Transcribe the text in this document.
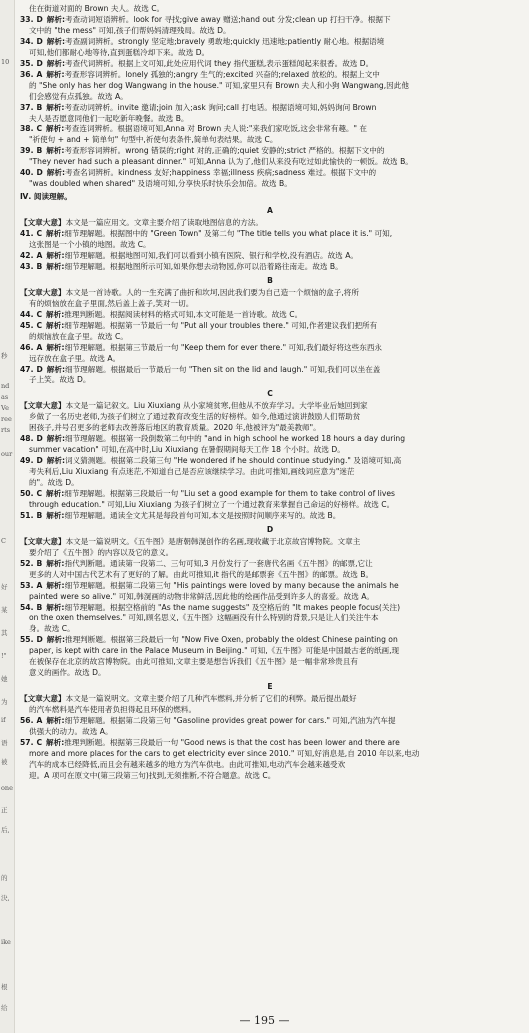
10
秒
nd
as
Ve
ree
rts
our
C
好
某
其
!"
她
为
if
语
被
one
正
后,
的
決,
ike
根
给
住在街道对面的 Brown 夫人。故选 C。
33. D 解析:考查动词短语辨析。look for 寻找;give away 赠送;hand out 分发;clean up 打扫干净。根据下
文中的 "the mess" 可知,孩子们帮妈妈清理残局。故选 D。
34. D 解析:考查副词辨析。strongly 坚定地;bravely 勇敢地;quickly 迅速地;patiently 耐心地。根据语境
可知,他们都耐心地等待,直到蛋糕冷却下来。故选 D。
35. D 解析:考查代词辨析。根据上文可知,此处应用代词 they 指代蛋糕,表示蛋糕闻起来很香。故选 D。
36. A 解析:考查形容词辨析。lonely 孤独的;angry 生气的;excited 兴奋的;relaxed 放松的。根据上文中
的 "She only has her dog Wangwang in the house." 可知,家里只有 Brown 夫人和小狗 Wangwang,因此他
们会感觉有点孤独。故选 A。
37. B 解析:考查动词辨析。invite 邀请;join 加入;ask 询问;call 打电话。根据语境可知,妈妈询问 Brown
夫人是否愿意同他们一起吃新年晚餐。故选 B。
38. C 解析:考查连词辨析。根据语境可知,Anna 对 Brown 夫人说:"来我们家吃饭,这会非常有趣。" 在
"祈使句 + and + 简单句" 句型中,祈使句表条件,简单句表结果。故选 C。
39. B 解析:考查形容词辨析。wrong 错误的;right 对的,正确的;quiet 安静的;strict 严格的。根据下文中的
"They never had such a pleasant dinner." 可知,Anna 认为了,他们从来没有吃过如此愉快的一顿饭。故选 B。
40. D 解析:考查名词辨析。kindness 友好;happiness 幸福;illness 疾病;sadness 难过。根据下文中的
"was doubled when shared" 及语境可知,分享快乐时快乐会加倍。故选 B。
Ⅳ. 阅读理解。
A
【文章大意】本文是一篇应用文。文章主要介绍了读取地图信息的方法。
41. C 解析:细节理解题。根据图中的 "Green Town" 及第二句 "The title tells you what place it is." 可知,
这张图是一个小镇的地图。故选 C。
42. A 解析:细节理解题。根据地图可知,我们可以看到小镇有医院、银行和学校,没有酒店。故选 A。
43. B 解析:细节理解题。根据地图所示可知,如果你想去动物园,你可以沿着路往南走。故选 B。
B
【文章大意】本文是一首诗歌。人的一生充满了曲折和坎坷,因此我们要为自己造一个烦恼的盒子,将所
有的烦恼放在盒子里面,然后盖上盖子,笑对一切。
44. C 解析:推理判断题。根据阅读材料的格式可知,本文可能是一首诗歌。故选 C。
45. C 解析:细节理解题。根据第一节最后一句 "Put all your troubles there." 可知,作者建议我们把所有
的烦恼放在盒子里。故选 C。
46. A 解析:细节理解题。根据第三节最后一句 "Keep them for ever there." 可知,我们最好将这些东西永
远存放在盒子里。故选 A。
47. D 解析:细节理解题。根据最后一节最后一句 "Then sit on the lid and laugh." 可知,我们可以坐在盖
子上笑。故选 D。
C
【文章大意】本文是一篇记叙文。Liu Xiuxiang 从小家境贫寒,但他从不放弃学习。大学毕业后她回到家
乡做了一名历史老师,为孩子们树立了通过教育改变生活的好榜样。如今,他通过演讲鼓励人们帮助贫
困孩子,并号召更多的老师去改善落后地区的教育质量。2020 年,他被评为"最美教师"。
48. D 解析:细节理解题。根据第一段倒数第二句中的 "and in high school he worked 18 hours a day during
summer vacation" 可知,在高中时,Liu Xiuxiang 在暑假期间每天工作 18 个小时。故选 D。
49. D 解析:词义猜测题。根据第二段第三句 "He wondered if he should continue studying." 及语境可知,高
考失利后,Liu Xiuxiang 有点迷茫,不知道自己是否应该继续学习。由此可推知,画线词应意为"迷茫
的"。故选 D。
50. C 解析:细节理解题。根据第三段最后一句 "Liu set a good example for them to take control of lives
through education." 可知,Liu Xiuxiang 为孩子们树立了一个通过教育来掌握自己命运的好榜样。故选 C。
51. B 解析:细节理解题。通读全文尤其是每段首句可知,本文是按照时间顺序来写的。故选 B。
D
【文章大意】本文是一篇说明文。《五牛图》是唐朝韩滉创作的名画,现收藏于北京故宫博物院。文章主
要介绍了《五牛图》的内容以及它的意义。
52. B 解析:指代判断题。通读第一段第二、三句可知,3 月份发行了一套唐代名画《五牛图》的邮票,它让
更多的人对中国古代艺术有了更好的了解。由此可推知,it 指代的是邮票套《五牛图》的邮票。故选 B。
53. A 解析:细节理解题。根据第二段第三句 "His paintings were loved by many because the animals he
painted were so alive." 可知,韩滉画的动物非常鲜活,因此他的绘画作品受到许多人的喜爱。故选 A。
54. B 解析:细节理解题。根据空格前的 "As the name suggests" 及空格后的 "It makes people focus(关注)
on the oxen themselves." 可知,顾名思义,《五牛图》这幅画没有什么特别的背景,只是让人们关注牛本
身。故选 C。
55. D 解析:推理判断题。根据第三段最后一句 "Now Five Oxen, probably the oldest Chinese painting on
paper, is kept with care in the Palace Museum in Beijing." 可知,《五牛图》可能是中国最古老的纸画,现
在被保存在北京的故宫博物院。由此可推知,文章主要是想告诉我们《五牛图》是一幅非常珍贵且有
意义的画作。故选 D。
E
【文章大意】本文是一篇说明文。文章主要介绍了几种汽车燃料,并分析了它们的利弊。最后提出最好
的汽车燃料是汽车使用者负担得起且环保的燃料。
56. A 解析:细节理解题。根据第二段第三句 "Gasoline provides great power for cars." 可知,汽油为汽车提
供强大的动力。故选 A。
57. C 解析:推理判断题。根据第三段最后一句 "Good news is that the cost has been lower and there are
more and more places for the cars to get electricity ever since 2010." 可知,好消息是,自 2010 年以来,电动
汽车的成本已经降低,而且会有越来越多的地方为汽车供电。由此可推知,电动汽车会越来越受欢
迎。A 项可在原文中(第三段第三句)找到,无须推断,不符合题意。故选 C。
— 195 —
